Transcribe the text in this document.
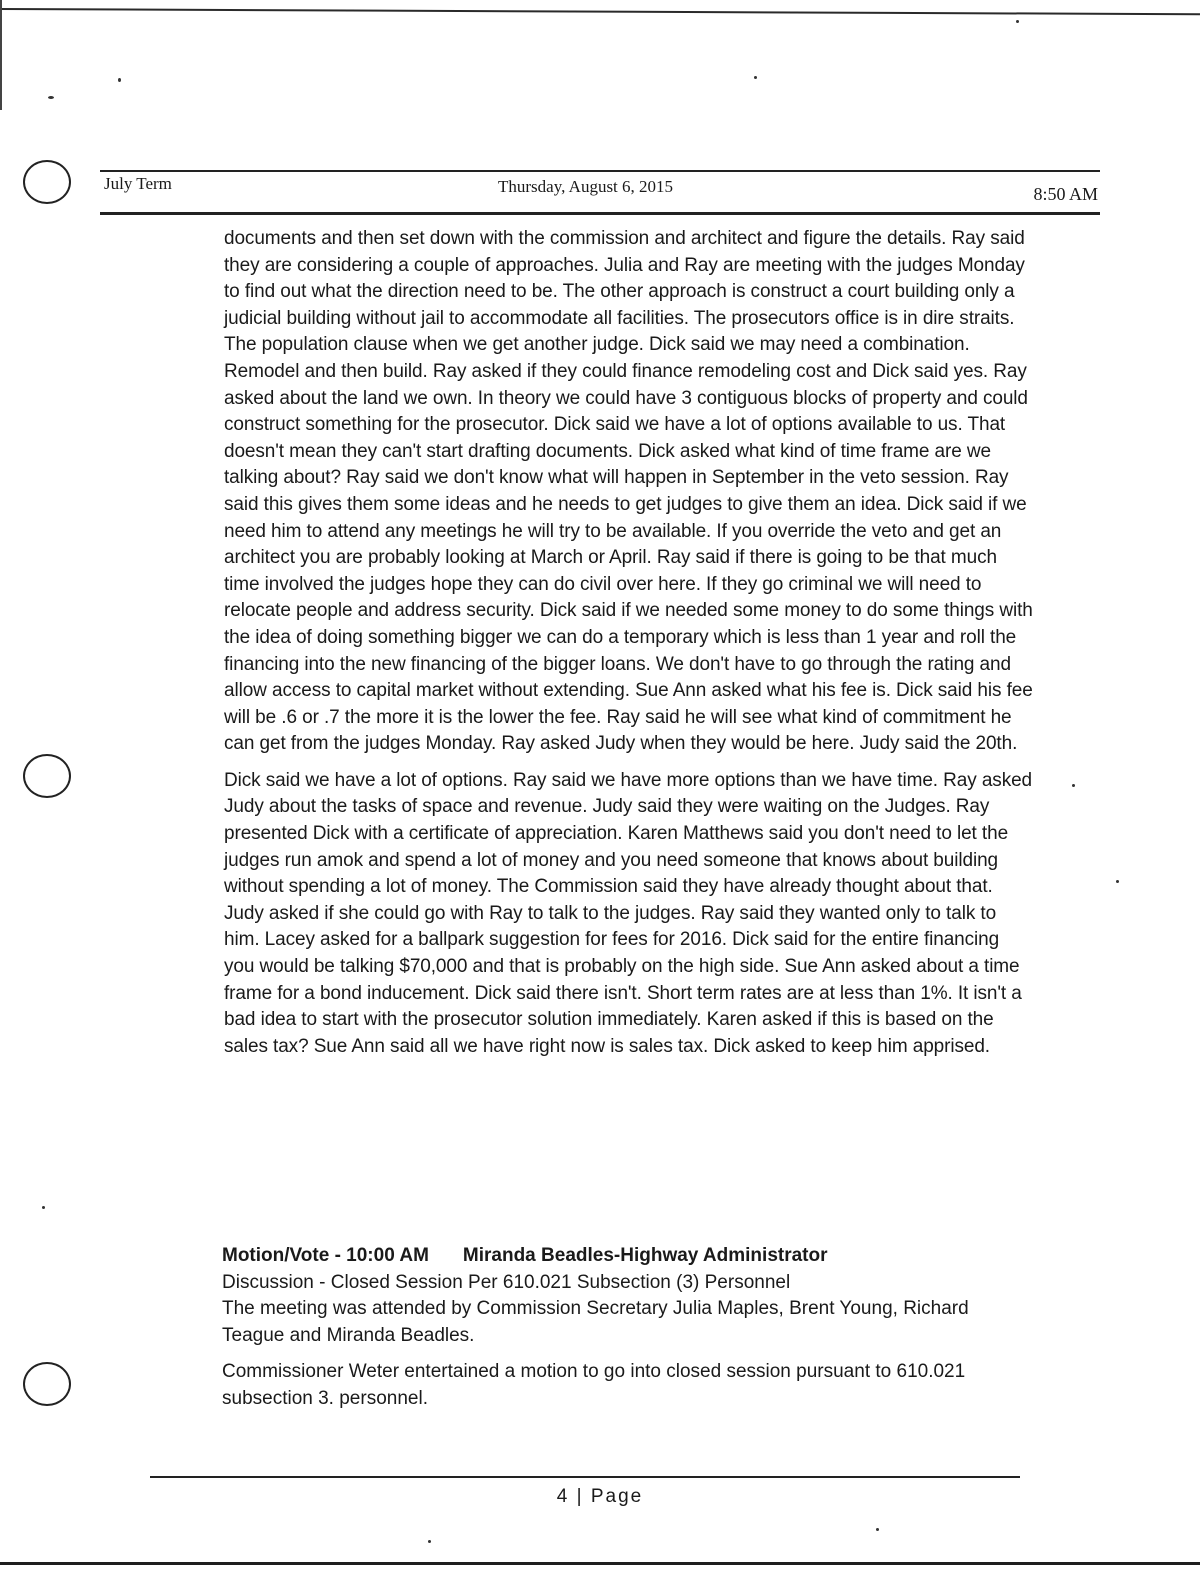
July Term	Thursday, August 6, 2015	8:50 AM

documents and then set down with the commission and architect and figure the details. Ray said they are considering a couple of approaches. Julia and Ray are meeting with the judges Monday to find out what the direction need to be. The other approach is construct a court building only a judicial building without jail to accommodate all facilities. The prosecutors office is in dire straits. The population clause when we get another judge. Dick said we may need a combination. Remodel and then build. Ray asked if they could finance remodeling cost and Dick said yes. Ray asked about the land we own. In theory we could have 3 contiguous blocks of property and could construct something for the prosecutor. Dick said we have a lot of options available to us. That doesn't mean they can't start drafting documents. Dick asked what kind of time frame are we talking about? Ray said we don't know what will happen in September in the veto session. Ray said this gives them some ideas and he needs to get judges to give them an idea. Dick said if we need him to attend any meetings he will try to be available. If you override the veto and get an architect you are probably looking at March or April. Ray said if there is going to be that much time involved the judges hope they can do civil over here. If they go criminal we will need to relocate people and address security. Dick said if we needed some money to do some things with the idea of doing something bigger we can do a temporary which is less than 1 year and roll the financing into the new financing of the bigger loans. We don't have to go through the rating and allow access to capital market without extending. Sue Ann asked what his fee is. Dick said his fee will be .6 or .7 the more it is the lower the fee. Ray said he will see what kind of commitment he can get from the judges Monday. Ray asked Judy when they would be here. Judy said the 20th.

Dick said we have a lot of options. Ray said we have more options than we have time. Ray asked Judy about the tasks of space and revenue. Judy said they were waiting on the Judges. Ray presented Dick with a certificate of appreciation. Karen Matthews said you don't need to let the judges run amok and spend a lot of money and you need someone that knows about building without spending a lot of money. The Commission said they have already thought about that. Judy asked if she could go with Ray to talk to the judges. Ray said they wanted only to talk to him. Lacey asked for a ballpark suggestion for fees for 2016. Dick said for the entire financing you would be talking $70,000 and that is probably on the high side. Sue Ann asked about a time frame for a bond inducement. Dick said there isn't. Short term rates are at less than 1%. It isn't a bad idea to start with the prosecutor solution immediately. Karen asked if this is based on the sales tax? Sue Ann said all we have right now is sales tax. Dick asked to keep him apprised.

Motion/Vote - 10:00 AM Miranda Beadles-Highway Administrator

Discussion - Closed Session Per 610.021 Subsection (3) Personnel

The meeting was attended by Commission Secretary Julia Maples, Brent Young, Richard Teague and Miranda Beadles.

Commissioner Weter entertained a motion to go into closed session pursuant to 610.021 subsection 3. personnel.

4 | Page
